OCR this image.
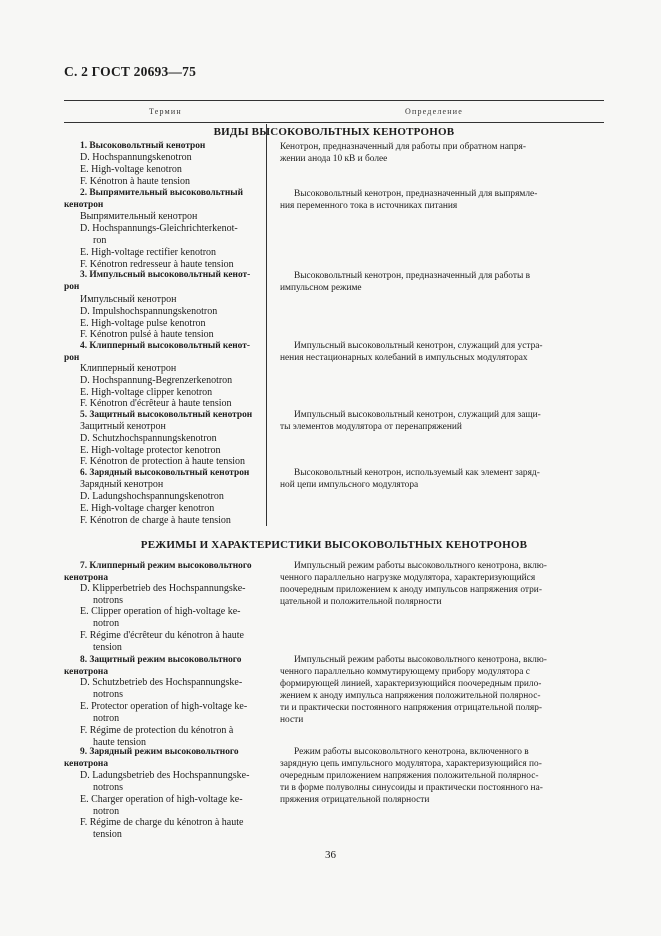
С. 2 ГОСТ 20693—75
Термин	Определение
ВИДЫ ВЫСОКОВОЛЬТНЫХ КЕНОТРОНОВ
1. Высоковольтный кенотрон
D. Hochspannungskenotron
E. High-voltage kenotron
F. Kénotron à haute tension
Кенотрон, предназначенный для работы при обратном напря-
жении анода 10 кВ и более
2. Выпрямительный высоковольтный
кенотрон
Выпрямительный кенотрон
D. Hochspannungs-Gleichrichterkenot-
ron
E. High-voltage rectifier kenotron
F. Kénotron redresseur à haute tension
Высоковольтный кенотрон, предназначенный для выпрямле-
ния переменного тока в источниках питания
3. Импульсный высоковольтный кенот-
рон
Импульсный кенотрон
D. Impulshochspannungskenotron
E. High-voltage pulse kenotron
F. Kénotron pulsé à haute tension
Высоковольтный кенотрон, предназначенный для работы в
импульсном режиме
4. Клипперный высоковольтный кенот-
рон
Клипперный кенотрон
D. Hochspannung-Begrenzerkenotron
E. High-voltage clipper kenotron
F. Kénotron d'écrêteur à haute tension
Импульсный высоковольтный кенотрон, служащий для устра-
нения нестационарных колебаний в импульсных модуляторах
5. Защитный высоковольтный кенотрон
Защитный кенотрон
D. Schutzhochspannungskenotron
E. High-voltage protector kenotron
F. Kénotron de protection à haute tension
Импульсный высоковольтный кенотрон, служащий для защи-
ты элементов модулятора от перенапряжений
6. Зарядный высоковольтный кенотрон
Зарядный кенотрон
D. Ladungshochspannungskenotron
E. High-voltage charger kenotron
F. Kénotron de charge à haute tension
Высоковольтный кенотрон, используемый как элемент заряд-
ной цепи импульсного модулятора
РЕЖИМЫ И ХАРАКТЕРИСТИКИ ВЫСОКОВОЛЬТНЫХ КЕНОТРОНОВ
7. Клипперный режим высоковольтного
кенотрона
D. Klipperbetrieb des Hochspannungske-
notrons
E. Clipper operation of high-voltage ke-
notron
F. Régime d'écrêteur du kénotron à haute
tension
Импульсный режим работы высоковольтного кенотрона, вклю-
ченного параллельно нагрузке модулятора, характеризующийся
поочередным приложением к аноду импульсов напряжения отри-
цательной и положительной полярности
8. Защитный режим высоковольтного
кенотрона
D. Schutzbetrieb des Hochspannungske-
notrons
E. Protector operation of high-voltage ke-
notron
F. Régime de protection du kénotron à
haute tension
Импульсный режим работы высоковольтного кенотрона, вклю-
ченного параллельно коммутирующему прибору модулятора с
формирующей линией, характеризующийся поочередным прило-
жением к аноду импульса напряжения положительной полярнос-
ти и практически постоянного напряжения отрицательной поляр-
ности
9. Зарядный режим высоковольтного
кенотрона
D. Ladungsbetrieb des Hochspannungske-
notrons
E. Charger operation of high-voltage ke-
notron
F. Régime de charge du kénotron à haute
tension
Режим работы высоковольтного кенотрона, включенного в
зарядную цепь импульсного модулятора, характеризующийся по-
очередным приложением напряжения положительной полярнос-
ти в форме полуволны синусоиды и практически постоянного на-
пряжения отрицательной полярности
36
